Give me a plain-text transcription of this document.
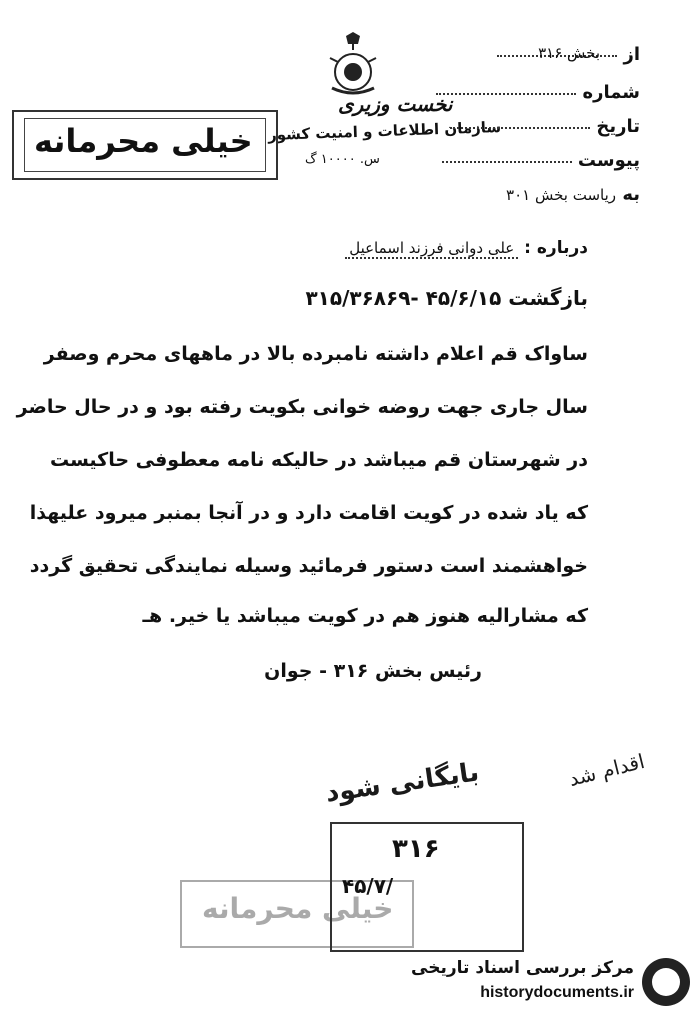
نخست وزیری
سازمان اطلاعات و امنیت کشور
س. ۱۰۰۰۰ گ
خیلی محرمانه
از
بخش ۳۱۶
شماره
تاریخ
پیوست
به ریاست بخش ۳۰۱
درباره : علی دوانی فرزند اسماعیل
بازگشت ۴۵/۶/۱۵ -۳۱۵/۳۶۸۶۹
ساواک قم اعلام داشته نامبرده بالا در ماههای محرم وصفر
سال جاری جهت روضه خوانی بکویت رفته بود و در حال حاضر
در شهرستان قم میباشد در حالیکه نامه معطوفی حاکیست
که یاد شده در کویت اقامت دارد و در آنجا بمنبر میرود علیهذا
خواهشمند است دستور فرمائید وسیله نمایندگی تحقیق گردد
که مشارالیه هنوز هم در کویت میباشد یا خیر. هـ
رئیس بخش ۳۱۶ - جوان
اقدام شد
بایگانی شود
خیلی محرمانه
۳۱۶
۴۵/۷/
مرکز بررسی اسناد تاریخی
historydocuments.ir
